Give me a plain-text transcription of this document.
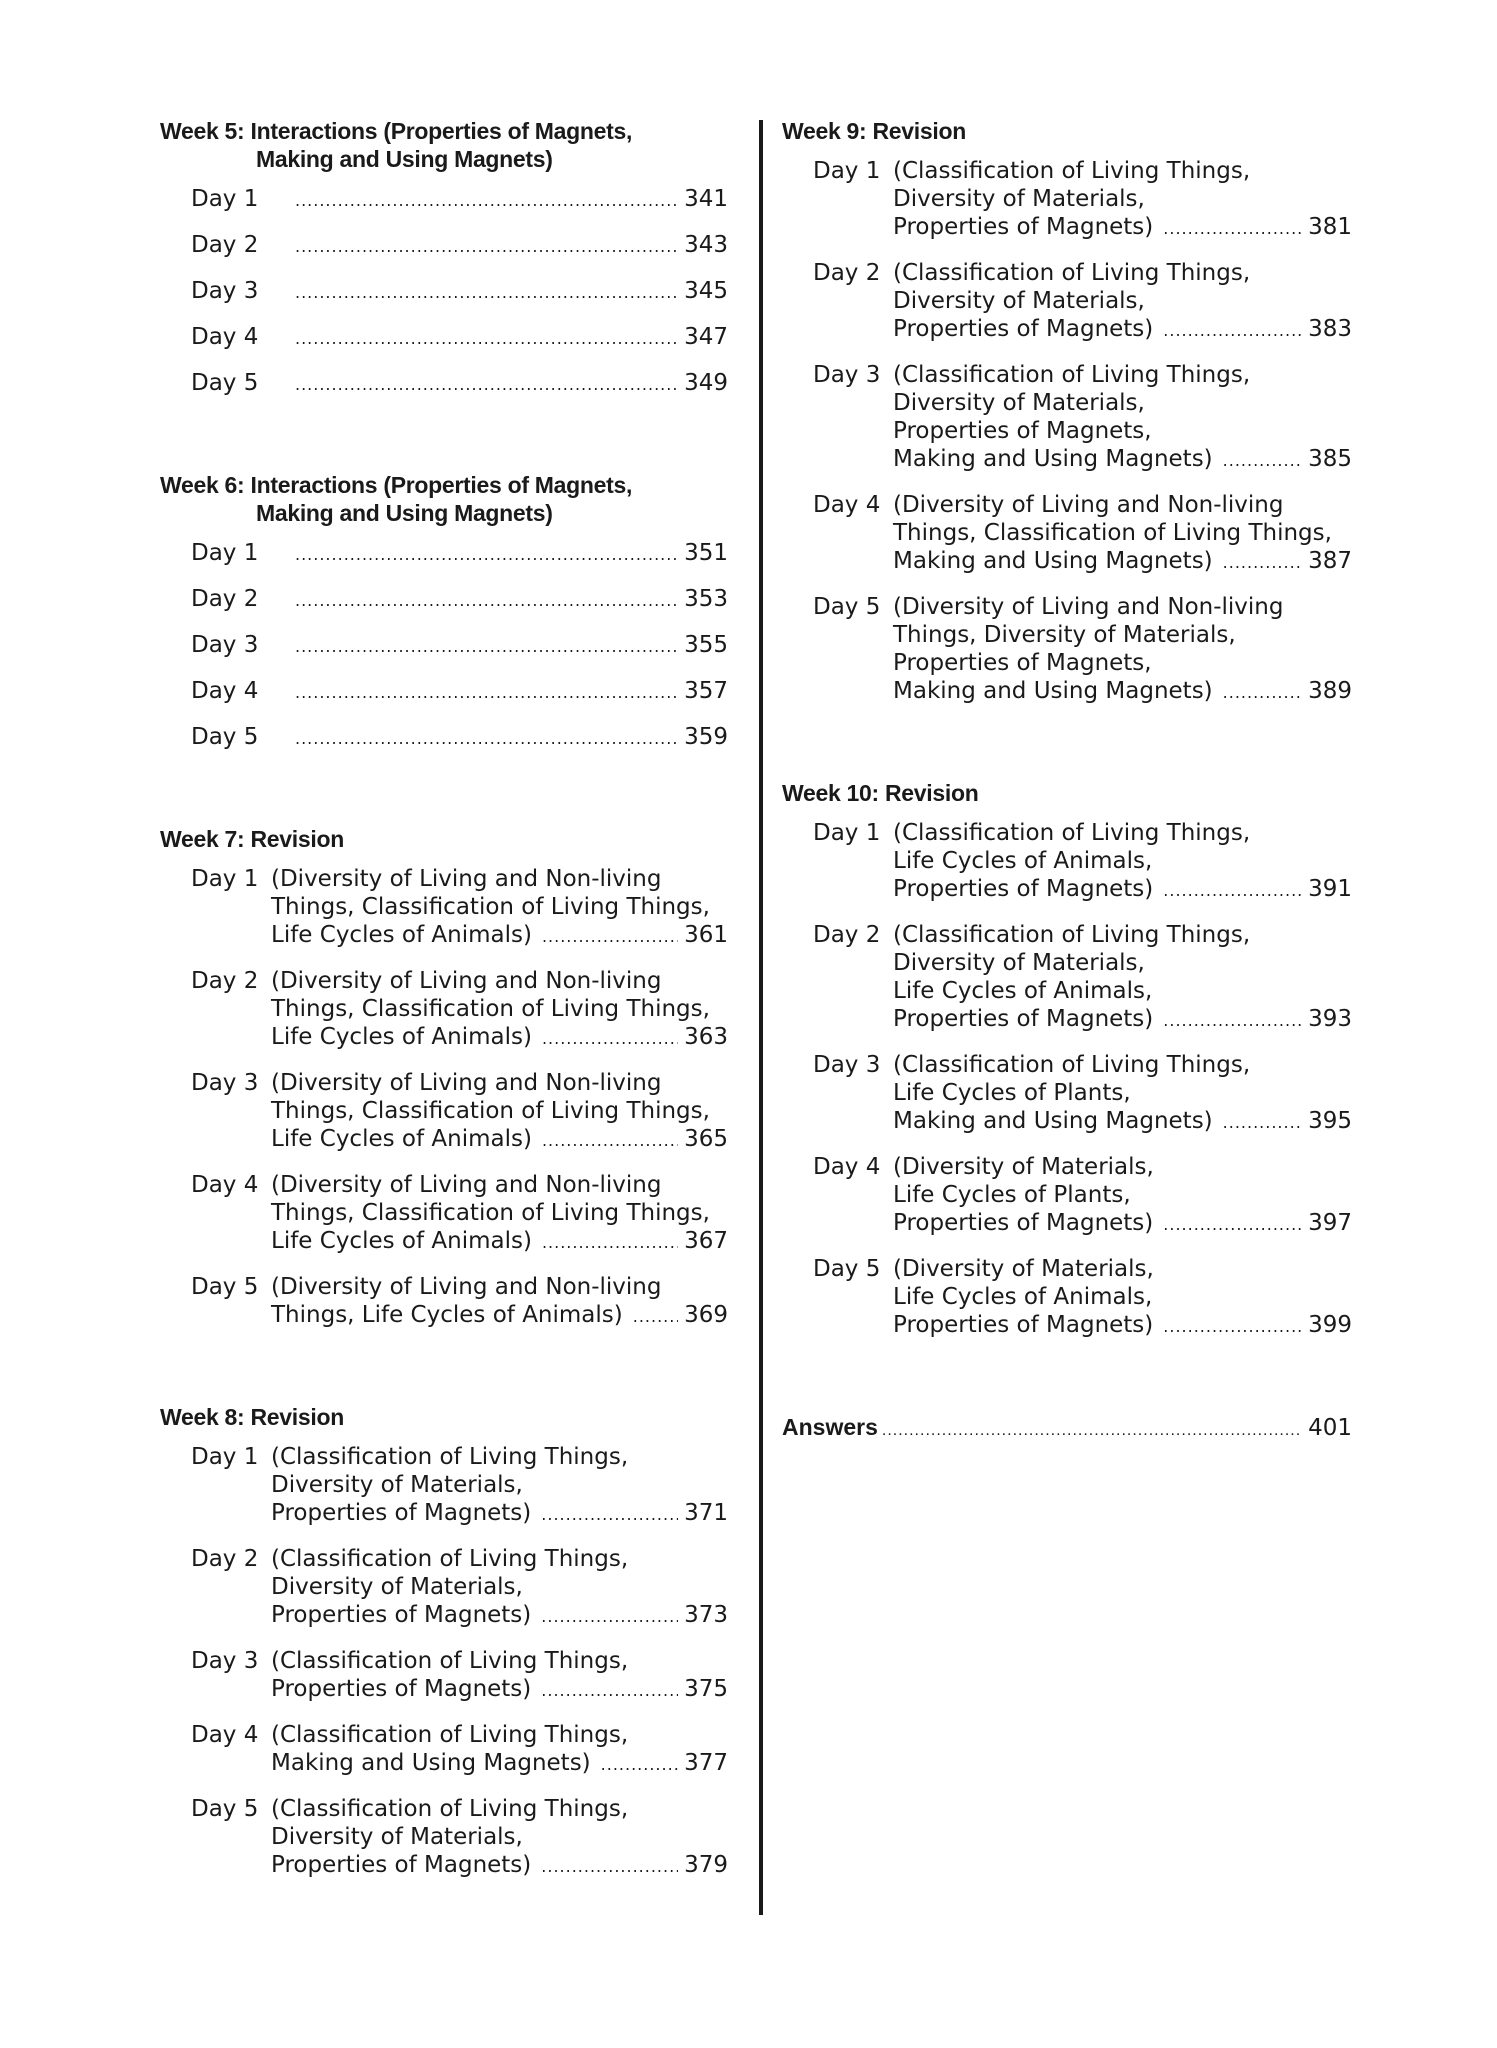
Week 5: Interactions (Properties of Magnets,
Making and Using Magnets)
Day 1 .....	341
Day 2 .....	343
Day 3 .....	345
Day 4 .....	347
Day 5 .....	349
Week 6: Interactions (Properties of Magnets,
Making and Using Magnets)
Day 1 .....	351
Day 2 .....	353
Day 3 .....	355
Day 4 .....	357
Day 5 .....	359
Week 7: Revision
Day 1 (Diversity of Living and Non-living
Things, Classification of Living Things,
Life Cycles of Animals) .....	361
Day 2 (Diversity of Living and Non-living
Things, Classification of Living Things,
Life Cycles of Animals) .....	363
Day 3 (Diversity of Living and Non-living
Things, Classification of Living Things,
Life Cycles of Animals) .....	365
Day 4 (Diversity of Living and Non-living
Things, Classification of Living Things,
Life Cycles of Animals) .....	367
Day 5 (Diversity of Living and Non-living
Things, Life Cycles of Animals) .....	369
Week 8: Revision
Day 1 (Classification of Living Things,
Diversity of Materials,
Properties of Magnets) .....	371
Day 2 (Classification of Living Things,
Diversity of Materials,
Properties of Magnets) .....	373
Day 3 (Classification of Living Things,
Properties of Magnets) .....	375
Day 4 (Classification of Living Things,
Making and Using Magnets) .....	377
Day 5 (Classification of Living Things,
Diversity of Materials,
Properties of Magnets) .....	379
Week 9: Revision
Day 1 (Classification of Living Things,
Diversity of Materials,
Properties of Magnets) .....	381
Day 2 (Classification of Living Things,
Diversity of Materials,
Properties of Magnets) .....	383
Day 3 (Classification of Living Things,
Diversity of Materials,
Properties of Magnets,
Making and Using Magnets) .....	385
Day 4 (Diversity of Living and Non-living
Things, Classification of Living Things,
Making and Using Magnets) .....	387
Day 5 (Diversity of Living and Non-living
Things, Diversity of Materials,
Properties of Magnets,
Making and Using Magnets) .....	389
Week 10: Revision
Day 1 (Classification of Living Things,
Life Cycles of Animals,
Properties of Magnets) .....	391
Day 2 (Classification of Living Things,
Diversity of Materials,
Life Cycles of Animals,
Properties of Magnets) .....	393
Day 3 (Classification of Living Things,
Life Cycles of Plants,
Making and Using Magnets) .....	395
Day 4 (Diversity of Materials,
Life Cycles of Plants,
Properties of Magnets) .....	397
Day 5 (Diversity of Materials,
Life Cycles of Animals,
Properties of Magnets) .....	399
Answers .....	401
